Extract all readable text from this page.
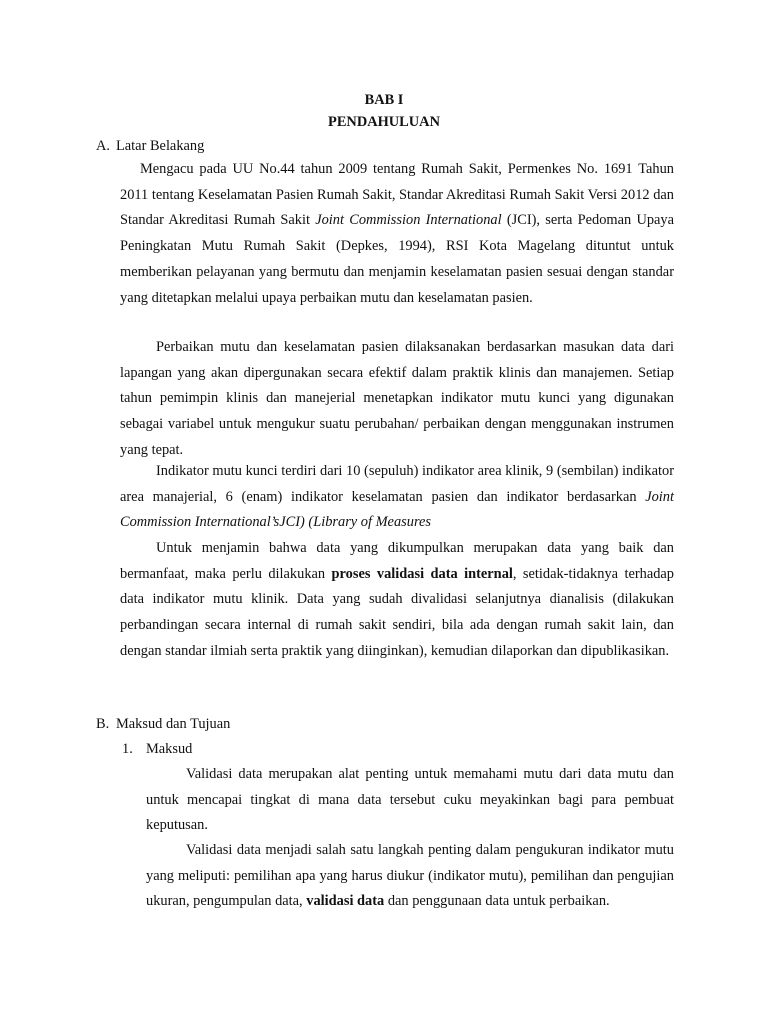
BAB I

PENDAHULUAN

A. Latar Belakang

Mengacu pada UU No.44 tahun 2009 tentang Rumah Sakit, Permenkes No. 1691 Tahun 2011 tentang Keselamatan Pasien Rumah Sakit, Standar Akreditasi Rumah Sakit Versi 2012 dan Standar Akreditasi Rumah Sakit Joint Commission International (JCI), serta Pedoman Upaya Peningkatan Mutu Rumah Sakit (Depkes, 1994), RSI Kota Magelang dituntut untuk memberikan pelayanan yang bermutu dan menjamin keselamatan pasien sesuai dengan standar yang ditetapkan melalui upaya perbaikan mutu dan keselamatan pasien.

Perbaikan mutu dan keselamatan pasien dilaksanakan berdasarkan masukan data dari lapangan yang akan dipergunakan secara efektif dalam praktik klinis dan manajemen. Setiap tahun pemimpin klinis dan manejerial menetapkan indikator mutu kunci yang digunakan sebagai variabel untuk mengukur suatu perubahan/ perbaikan dengan menggunakan instrumen yang tepat.

Indikator mutu kunci terdiri dari 10 (sepuluh) indikator area klinik, 9 (sembilan) indikator area manajerial, 6 (enam) indikator keselamatan pasien dan indikator berdasarkan Joint Commission International’sJCI) (Library of Measures

Untuk menjamin bahwa data yang dikumpulkan merupakan data yang baik dan bermanfaat, maka perlu dilakukan proses validasi data internal, setidak-tidaknya terhadap data indikator mutu klinik. Data yang sudah divalidasi selanjutnya dianalisis (dilakukan perbandingan secara internal di rumah sakit sendiri, bila ada dengan rumah sakit lain, dan dengan standar ilmiah serta praktik yang diinginkan), kemudian dilaporkan dan dipublikasikan.

B. Maksud dan Tujuan

1. Maksud

Validasi data merupakan alat penting untuk memahami mutu dari data mutu dan untuk mencapai tingkat di mana data tersebut cuku meyakinkan bagi para pembuat keputusan.

Validasi data menjadi salah satu langkah penting dalam pengukuran indikator mutu yang meliputi: pemilihan apa yang harus diukur (indikator mutu), pemilihan dan pengujian ukuran, pengumpulan data, validasi data dan penggunaan data untuk perbaikan.
